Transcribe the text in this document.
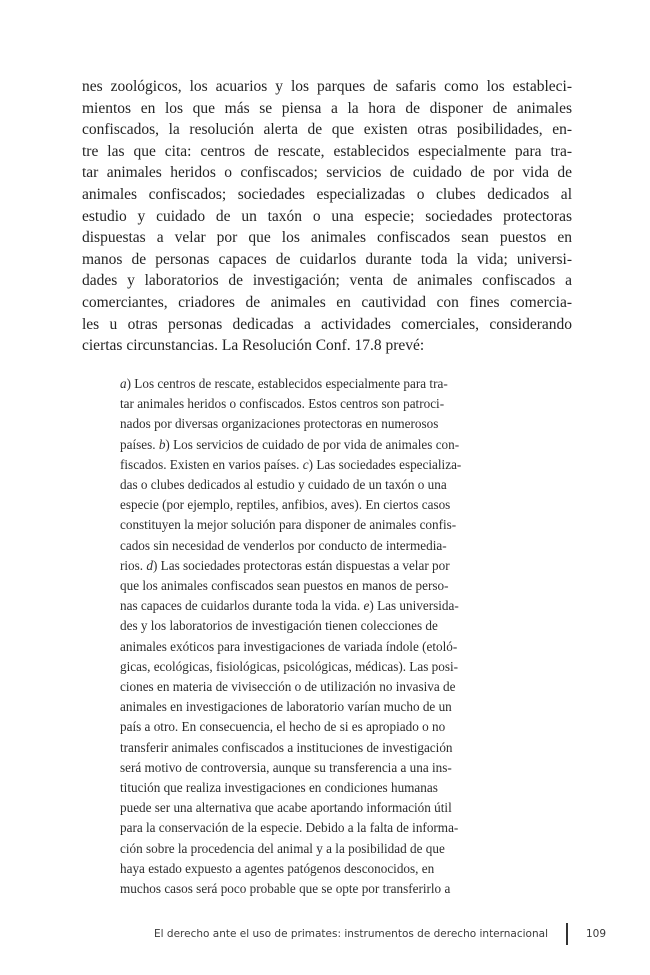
nes zoológicos, los acuarios y los parques de safaris como los estableci-
mientos en los que más se piensa a la hora de disponer de animales
confiscados, la resolución alerta de que existen otras posibilidades, en-
tre las que cita: centros de rescate, establecidos especialmente para tra-
tar animales heridos o confiscados; servicios de cuidado de por vida de
animales confiscados; sociedades especializadas o clubes dedicados al
estudio y cuidado de un taxón o una especie; sociedades protectoras
dispuestas a velar por que los animales confiscados sean puestos en
manos de personas capaces de cuidarlos durante toda la vida; universi-
dades y laboratorios de investigación; venta de animales confiscados a
comerciantes, criadores de animales en cautividad con fines comercia-
les u otras personas dedicadas a actividades comerciales, considerando
ciertas circunstancias. La Resolución Conf. 17.8 prevé:
a) Los centros de rescate, establecidos especialmente para tra-
tar animales heridos o confiscados. Estos centros son patroci-
nados por diversas organizaciones protectoras en numerosos
países. b) Los servicios de cuidado de por vida de animales con-
fiscados. Existen en varios países. c) Las sociedades especializa-
das o clubes dedicados al estudio y cuidado de un taxón o una
especie (por ejemplo, reptiles, anfibios, aves). En ciertos casos
constituyen la mejor solución para disponer de animales confis-
cados sin necesidad de venderlos por conducto de intermedia-
rios. d) Las sociedades protectoras están dispuestas a velar por
que los animales confiscados sean puestos en manos de perso-
nas capaces de cuidarlos durante toda la vida. e) Las universida-
des y los laboratorios de investigación tienen colecciones de
animales exóticos para investigaciones de variada índole (etoló-
gicas, ecológicas, fisiológicas, psicológicas, médicas). Las posi-
ciones en materia de vivisección o de utilización no invasiva de
animales en investigaciones de laboratorio varían mucho de un
país a otro. En consecuencia, el hecho de si es apropiado o no
transferir animales confiscados a instituciones de investigación
será motivo de controversia, aunque su transferencia a una ins-
titución que realiza investigaciones en condiciones humanas
puede ser una alternativa que acabe aportando información útil
para la conservación de la especie. Debido a la falta de informa-
ción sobre la procedencia del animal y a la posibilidad de que
haya estado expuesto a agentes patógenos desconocidos, en
muchos casos será poco probable que se opte por transferirlo a
El derecho ante el uso de primates: instrumentos de derecho internacional	109
